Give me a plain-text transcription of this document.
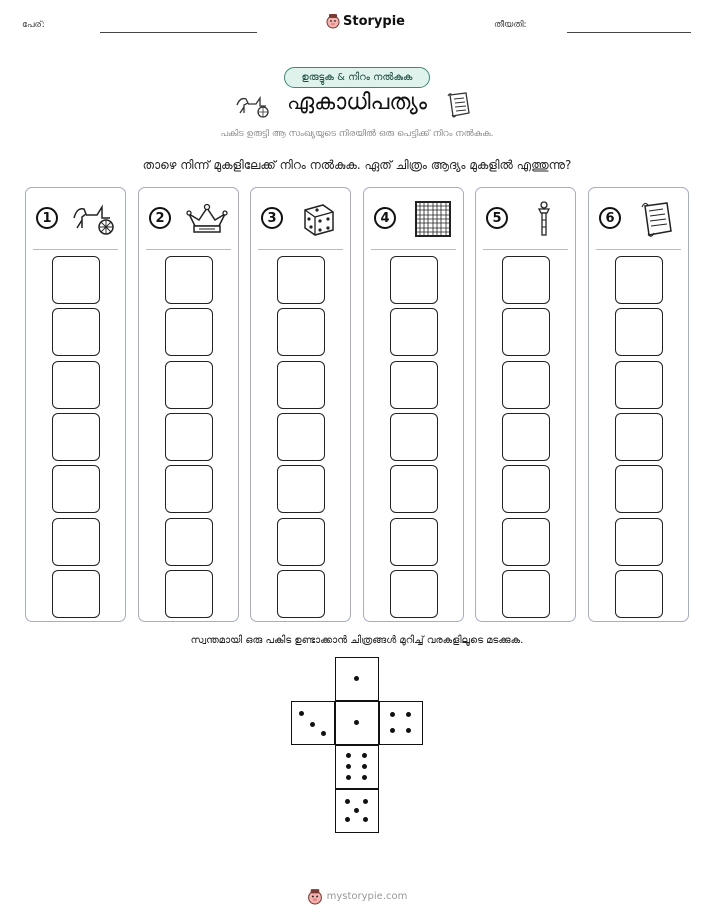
പേര്:	Storypie	തീയതി:
ഉരുട്ടുക & നിറം നൽകുക
ഏകാധിപത്യം
പകിട ഉരുട്ടി ആ സംഖ്യയുടെ നിരയിൽ ഒരു പെട്ടിക്ക് നിറം നൽകുക.
താഴെ നിന്ന് മുകളിലേക്ക് നിറം നൽകുക. ഏത് ചിത്രം ആദ്യം മുകളിൽ എത്തുന്നു?
1	2	3	4	5	6
സ്വന്തമായി ഒരു പകിട ഉണ്ടാക്കാൻ ചിത്രങ്ങൾ മുറിച്ച് വരകളിലൂടെ മടക്കുക.
mystorypie.com
